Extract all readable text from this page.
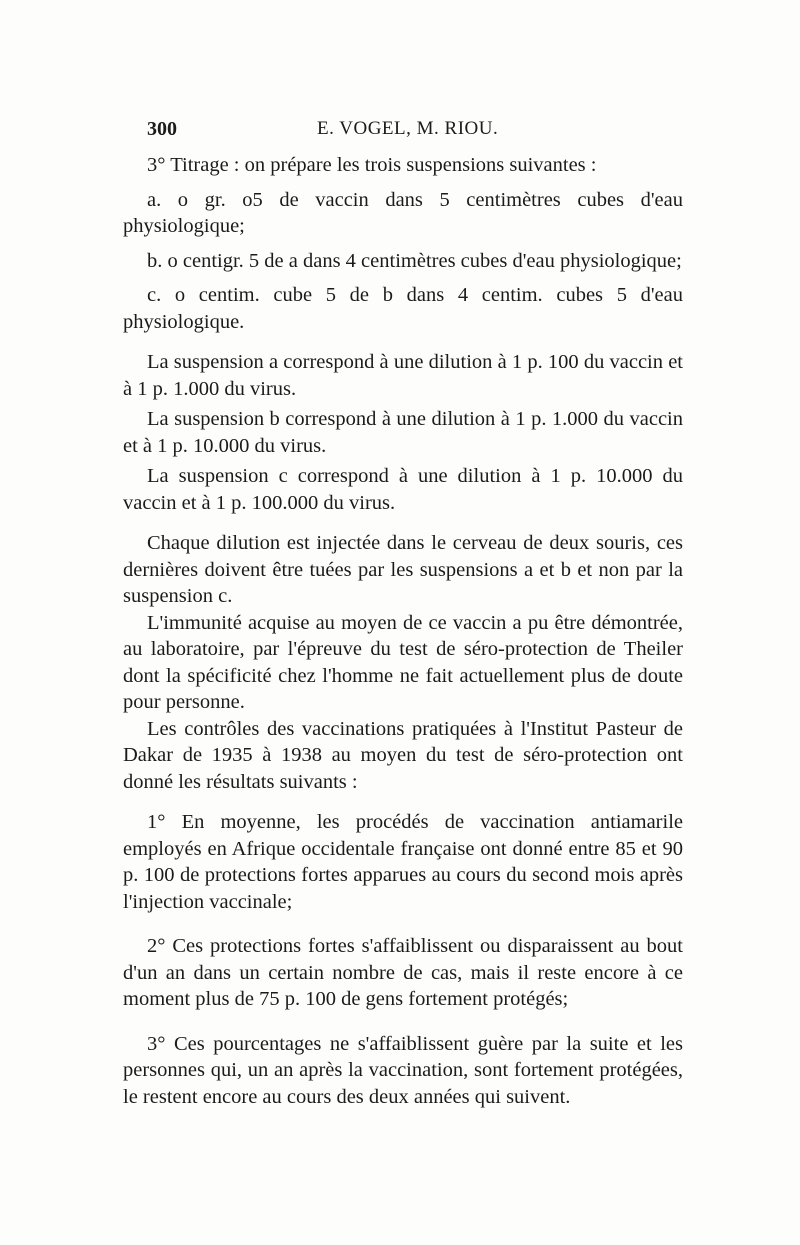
300	E. VOGEL, M. RIOU.

3° Titrage : on prépare les trois suspensions suivantes :

a. o gr. o5 de vaccin dans 5 centimètres cubes d'eau physiologique;

b. o centigr. 5 de a dans 4 centimètres cubes d'eau physiologique;

c. o centim. cube 5 de b dans 4 centim. cubes 5 d'eau physiologique.

La suspension a correspond à une dilution à 1 p. 100 du vaccin et à 1 p. 1.000 du virus.

La suspension b correspond à une dilution à 1 p. 1.000 du vaccin et à 1 p. 10.000 du virus.

La suspension c correspond à une dilution à 1 p. 10.000 du vaccin et à 1 p. 100.000 du virus.

Chaque dilution est injectée dans le cerveau de deux souris, ces dernières doivent être tuées par les suspensions a et b et non par la suspension c.

L'immunité acquise au moyen de ce vaccin a pu être démontrée, au laboratoire, par l'épreuve du test de séro-protection de Theiler dont la spécificité chez l'homme ne fait actuellement plus de doute pour personne.

Les contrôles des vaccinations pratiquées à l'Institut Pasteur de Dakar de 1935 à 1938 au moyen du test de séro-protection ont donné les résultats suivants :

1° En moyenne, les procédés de vaccination antiamarile employés en Afrique occidentale française ont donné entre 85 et 90 p. 100 de protections fortes apparues au cours du second mois après l'injection vaccinale;

2° Ces protections fortes s'affaiblissent ou disparaissent au bout d'un an dans un certain nombre de cas, mais il reste encore à ce moment plus de 75 p. 100 de gens fortement protégés;

3° Ces pourcentages ne s'affaiblissent guère par la suite et les personnes qui, un an après la vaccination, sont fortement protégées, le restent encore au cours des deux années qui suivent.
